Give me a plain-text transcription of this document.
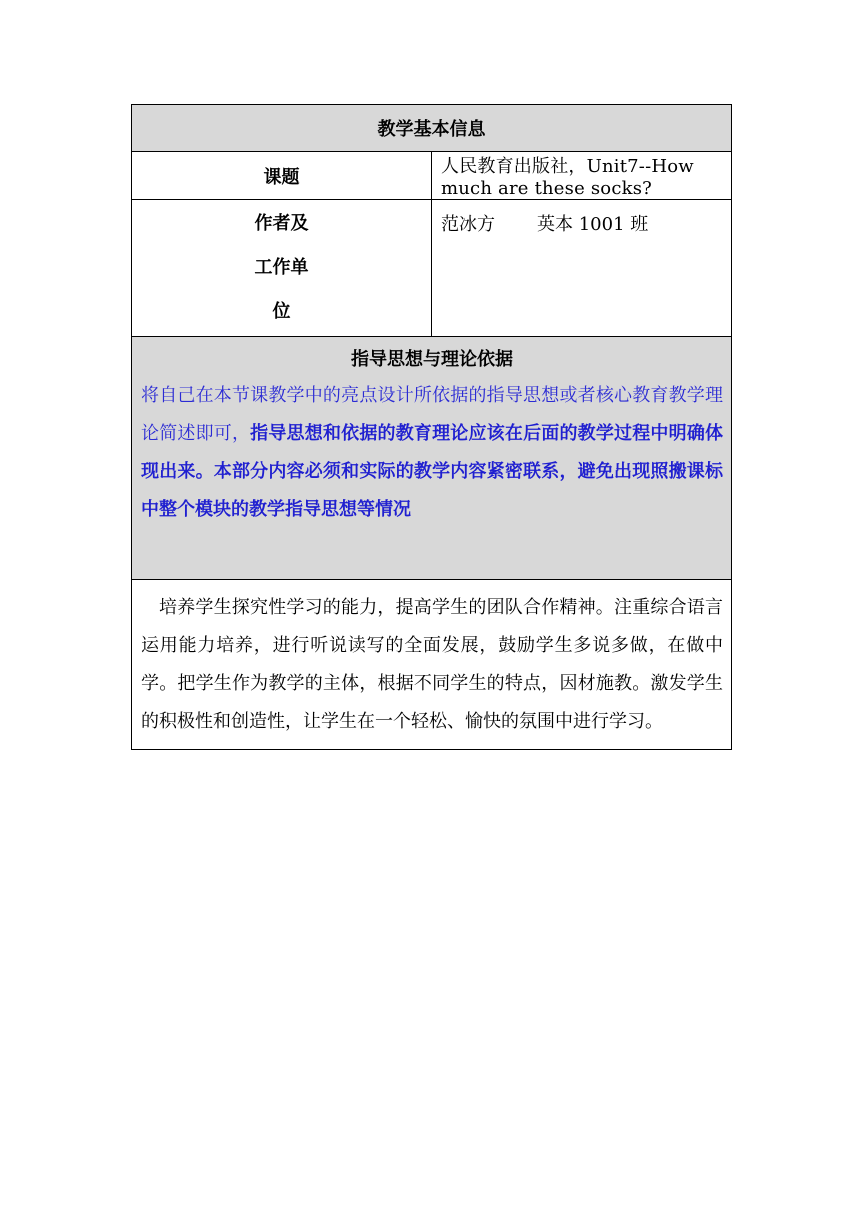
教学基本信息	
课题	人民教育出版社，Unit7--How much are these socks?

作者及
工作单
位	范冰方 英本 1001 班

指导思想与理论依据
将自己在本节课教学中的亮点设计所依据的指导思想或者核心教育教学理论简述即可，指导思想和依据的教育理论应该在后面的教学过程中明确体现出来。本部分内容必须和实际的教学内容紧密联系，避免出现照搬课标中整个模块的教学指导思想等情况	

培养学生探究性学习的能力，提高学生的团队合作精神。注重综合语言运用能力培养，进行听说读写的全面发展，鼓励学生多说多做，在做中学。把学生作为教学的主体，根据不同学生的特点，因材施教。激发学生的积极性和创造性，让学生在一个轻松、愉快的氛围中进行学习。	
